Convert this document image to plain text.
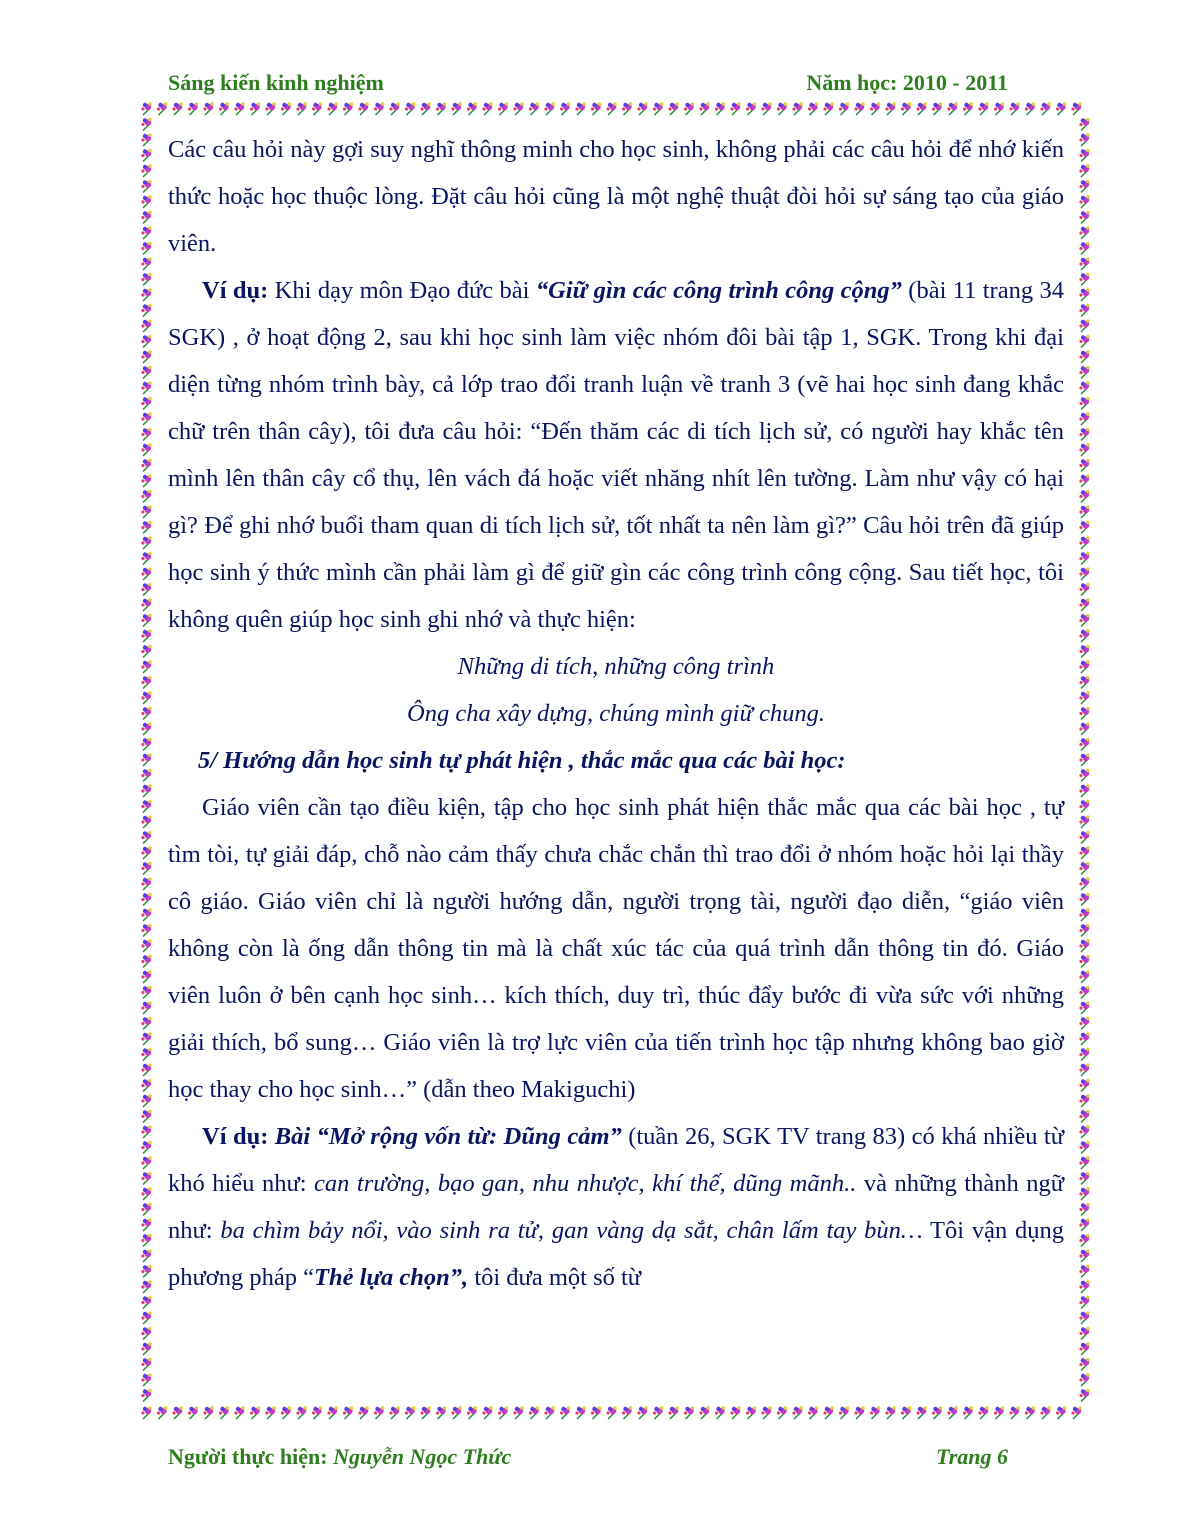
Sáng kiến kinh nghiệm	Năm học: 2010 - 2011

Các câu hỏi này gợi suy nghĩ thông minh cho học sinh, không phải các câu hỏi để nhớ kiến thức hoặc học thuộc lòng. Đặt câu hỏi cũng là một nghệ thuật đòi hỏi sự sáng tạo của giáo viên.

Ví dụ: Khi dạy môn Đạo đức bài “Giữ gìn các công trình công cộng” (bài 11 trang 34 SGK) , ở hoạt động 2, sau khi học sinh làm việc nhóm đôi bài tập 1, SGK. Trong khi đại diện từng nhóm trình bày, cả lớp trao đổi tranh luận về tranh 3 (vẽ hai học sinh đang khắc chữ trên thân cây), tôi đưa câu hỏi: “Đến thăm các di tích lịch sử, có người hay khắc tên mình lên thân cây cổ thụ, lên vách đá hoặc viết nhăng nhít lên tường. Làm như vậy có hại gì? Để ghi nhớ buổi tham quan di tích lịch sử, tốt nhất ta nên làm gì?” Câu hỏi trên đã giúp học sinh ý thức mình cần phải làm gì để giữ gìn các công trình công cộng. Sau tiết học, tôi không quên giúp học sinh ghi nhớ và thực hiện:

Những di tích, những công trình

Ông cha xây dựng, chúng mình giữ chung.

5/ Hướng dẫn học sinh tự phát hiện , thắc mắc qua các bài học:

Giáo viên cần tạo điều kiện, tập cho học sinh phát hiện thắc mắc qua các bài học , tự tìm tòi, tự giải đáp, chỗ nào cảm thấy chưa chắc chắn thì trao đổi ở nhóm hoặc hỏi lại thầy cô giáo. Giáo viên chỉ là người hướng dẫn, người trọng tài, người đạo diễn, “giáo viên không còn là ống dẫn thông tin mà là chất xúc tác của quá trình dẫn thông tin đó. Giáo viên luôn ở bên cạnh học sinh… kích thích, duy trì, thúc đẩy bước đi vừa sức với những giải thích, bổ sung… Giáo viên là trợ lực viên của tiến trình học tập nhưng không bao giờ học thay cho học sinh…” (dẫn theo Makiguchi)

Ví dụ: Bài “Mở rộng vốn từ: Dũng cảm” (tuần 26, SGK TV trang 83) có khá nhiều từ khó hiểu như: can trường, bạo gan, nhu nhược, khí thế, dũng mãnh.. và những thành ngữ như: ba chìm bảy nổi, vào sinh ra tử, gan vàng dạ sắt, chân lấm tay bùn… Tôi vận dụng phương pháp “Thẻ lựa chọn”, tôi đưa một số từ

Người thực hiện: Nguyễn Ngọc Thức	Trang 6
